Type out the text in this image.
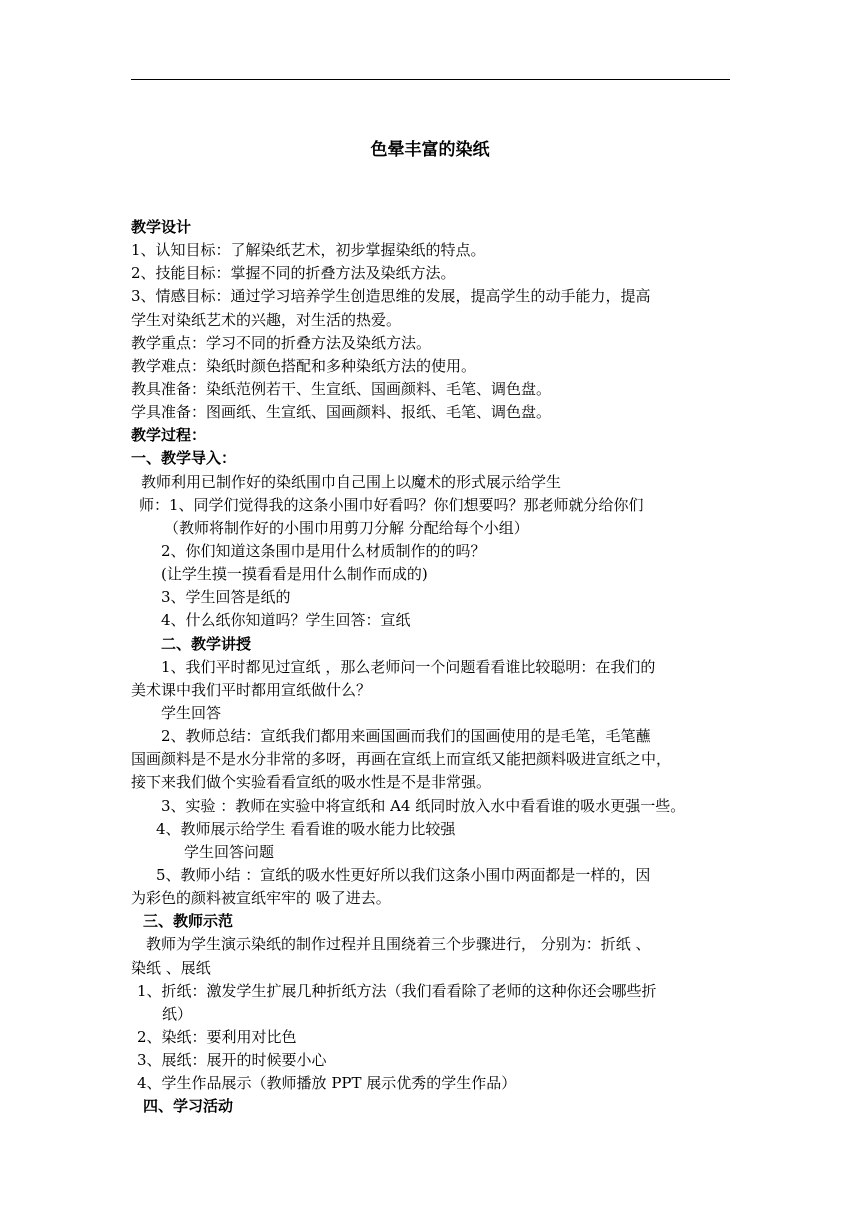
色晕丰富的染纸
教学设计
1、认知目标：了解染纸艺术，初步掌握染纸的特点。
2、技能目标：掌握不同的折叠方法及染纸方法。
3、情感目标：通过学习培养学生创造思维的发展，提高学生的动手能力，提高
学生对染纸艺术的兴趣，对生活的热爱。
教学重点：学习不同的折叠方法及染纸方法。
教学难点：染纸时颜色搭配和多种染纸方法的使用。
教具准备：染纸范例若干、生宣纸、国画颜料、毛笔、调色盘。
学具准备：图画纸、生宣纸、国画颜料、报纸、毛笔、调色盘。
教学过程：
一、教学导入：
教师利用已制作好的染纸围巾自己围上以魔术的形式展示给学生
师：1、同学们觉得我的这条小围巾好看吗？你们想要吗？那老师就分给你们
（教师将制作好的小围巾用剪刀分解 分配给每个小组）
2、你们知道这条围巾是用什么材质制作的的吗？
(让学生摸一摸看看是用什么制作而成的)
3、学生回答是纸的
4、什么纸你知道吗？学生回答：宣纸
二、教学讲授
1、我们平时都见过宣纸 ，那么老师问一个问题看看谁比较聪明：在我们的
美术课中我们平时都用宣纸做什么？
学生回答
2、教师总结：宣纸我们都用来画国画而我们的国画使用的是毛笔，毛笔蘸
国画颜料是不是水分非常的多呀，再画在宣纸上而宣纸又能把颜料吸进宣纸之中，
接下来我们做个实验看看宣纸的吸水性是不是非常强。
3、实验 ：教师在实验中将宣纸和 A4 纸同时放入水中看看谁的吸水更强一些。
4、教师展示给学生 看看谁的吸水能力比较强
学生回答问题
5、教师小结 ：宣纸的吸水性更好所以我们这条小围巾两面都是一样的，因
为彩色的颜料被宣纸牢牢的 吸了进去。
三、教师示范
教师为学生演示染纸的制作过程并且围绕着三个步骤进行， 分别为：折纸 、
染纸 、展纸
1、折纸：激发学生扩展几种折纸方法（我们看看除了老师的这种你还会哪些折
纸）
2、染纸：要利用对比色
3、展纸：展开的时候要小心
4、学生作品展示（教师播放 PPT 展示优秀的学生作品）
四、学习活动
